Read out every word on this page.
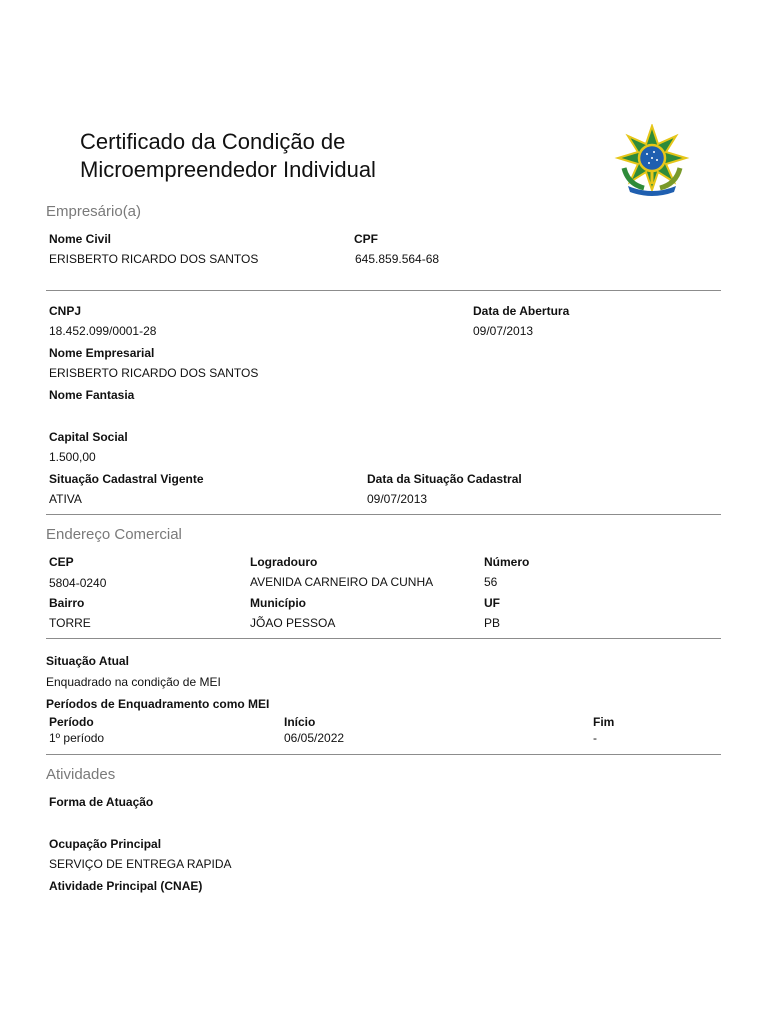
Certificado da Condição de
Microempreendedor Individual
Empresário(a)
Nome Civil
ERISBERTO RICARDO DOS SANTOS
CPF
645.859.564-68
CNPJ
18.452.099/0001-28
Data de Abertura
09/07/2013
Nome Empresarial
ERISBERTO RICARDO DOS SANTOS
Nome Fantasia
Capital Social
1.500,00
Situação Cadastral Vigente
ATIVA
Data da Situação Cadastral
09/07/2013
Endereço Comercial
CEP
5804-0240
Logradouro
AVENIDA CARNEIRO DA CUNHA
Número
56
Bairro
TORRE
Município
JÕAO PESSOA
UF
PB
Situação Atual
Enquadrado na condição de MEI
Períodos de Enquadramento como MEI
Período	Início	Fim
1º período	06/05/2022	-
Atividades
Forma de Atuação
Ocupação Principal
SERVIÇO DE ENTREGA RAPIDA
Atividade Principal (CNAE)
